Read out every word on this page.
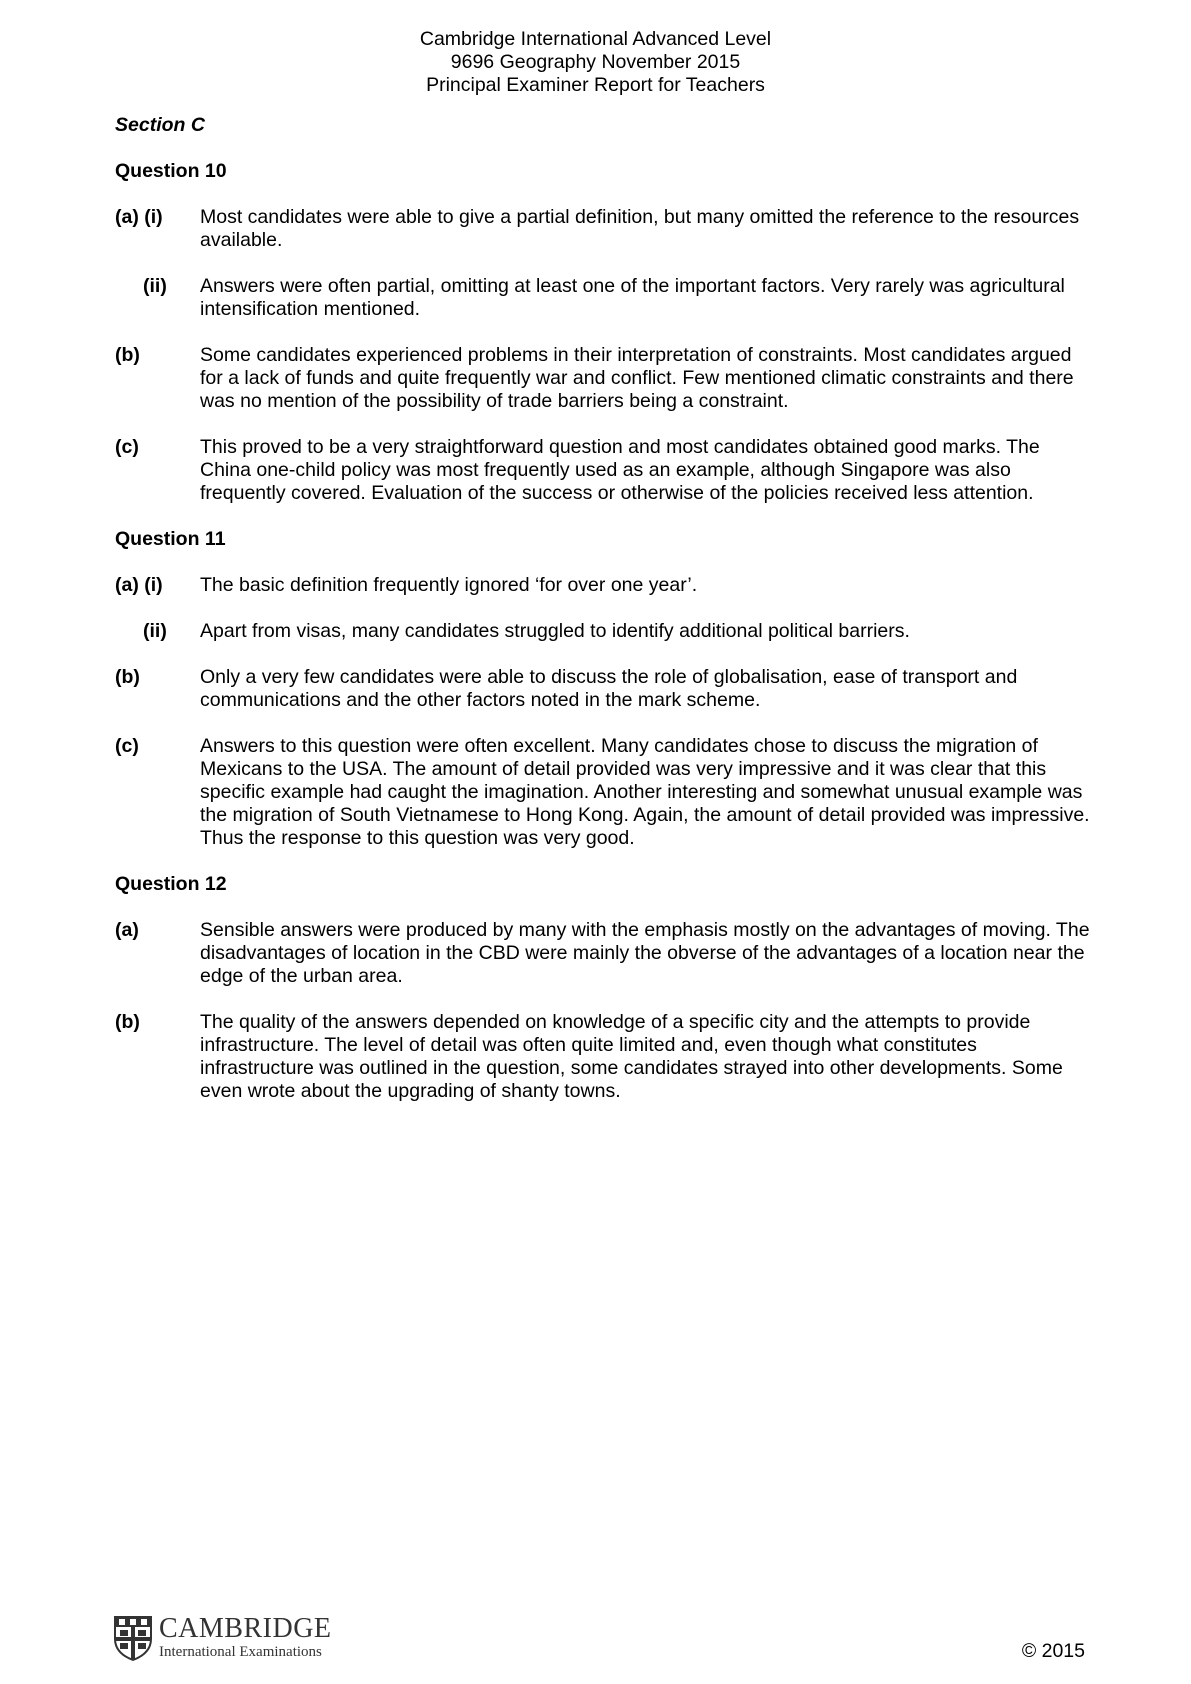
Cambridge International Advanced Level
9696 Geography November 2015
Principal Examiner Report for Teachers
Section C
Question 10
(a) (i)	Most candidates were able to give a partial definition, but many omitted the reference to the resources available.
(ii)	Answers were often partial, omitting at least one of the important factors. Very rarely was agricultural intensification mentioned.
(b)	Some candidates experienced problems in their interpretation of constraints. Most candidates argued for a lack of funds and quite frequently war and conflict. Few mentioned climatic constraints and there was no mention of the possibility of trade barriers being a constraint.
(c)	This proved to be a very straightforward question and most candidates obtained good marks. The China one-child policy was most frequently used as an example, although Singapore was also frequently covered. Evaluation of the success or otherwise of the policies received less attention.
Question 11
(a) (i)	The basic definition frequently ignored ‘for over one year’.
(ii)	Apart from visas, many candidates struggled to identify additional political barriers.
(b)	Only a very few candidates were able to discuss the role of globalisation, ease of transport and communications and the other factors noted in the mark scheme.
(c)	Answers to this question were often excellent. Many candidates chose to discuss the migration of Mexicans to the USA. The amount of detail provided was very impressive and it was clear that this specific example had caught the imagination. Another interesting and somewhat unusual example was the migration of South Vietnamese to Hong Kong. Again, the amount of detail provided was impressive. Thus the response to this question was very good.
Question 12
(a)	Sensible answers were produced by many with the emphasis mostly on the advantages of moving. The disadvantages of location in the CBD were mainly the obverse of the advantages of a location near the edge of the urban area.
(b)	The quality of the answers depended on knowledge of a specific city and the attempts to provide infrastructure. The level of detail was often quite limited and, even though what constitutes infrastructure was outlined in the question, some candidates strayed into other developments. Some even wrote about the upgrading of shanty towns.
CAMBRIDGE
International Examinations	© 2015
